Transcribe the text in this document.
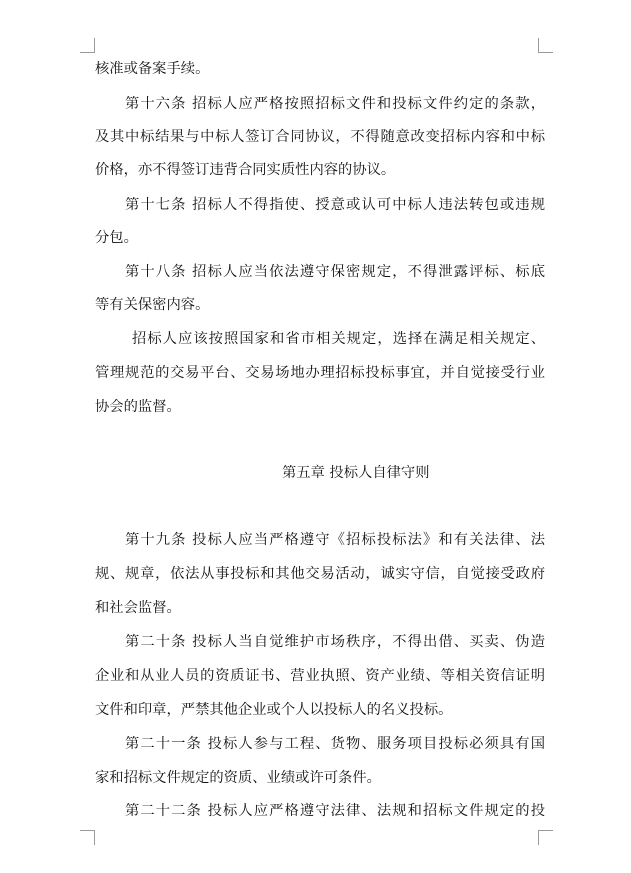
核准或备案手续。
第十六条 招标人应严格按照招标文件和投标文件约定的条款，
及其中标结果与中标人签订合同协议，不得随意改变招标内容和中标
价格，亦不得签订违背合同实质性内容的协议。
第十七条 招标人不得指使、授意或认可中标人违法转包或违规
分包。
第十八条 招标人应当依法遵守保密规定，不得泄露评标、标底
等有关保密内容。
招标人应该按照国家和省市相关规定，选择在满足相关规定、
管理规范的交易平台、交易场地办理招标投标事宜，并自觉接受行业
协会的监督。
第五章 投标人自律守则
第十九条 投标人应当严格遵守《招标投标法》和有关法律、法
规、规章，依法从事投标和其他交易活动，诚实守信，自觉接受政府
和社会监督。
第二十条 投标人当自觉维护市场秩序，不得出借、买卖、伪造
企业和从业人员的资质证书、营业执照、资产业绩、等相关资信证明
文件和印章，严禁其他企业或个人以投标人的名义投标。
第二十一条 投标人参与工程、货物、服务项目投标必须具有国
家和招标文件规定的资质、业绩或许可条件。
第二十二条 投标人应严格遵守法律、法规和招标文件规定的投
